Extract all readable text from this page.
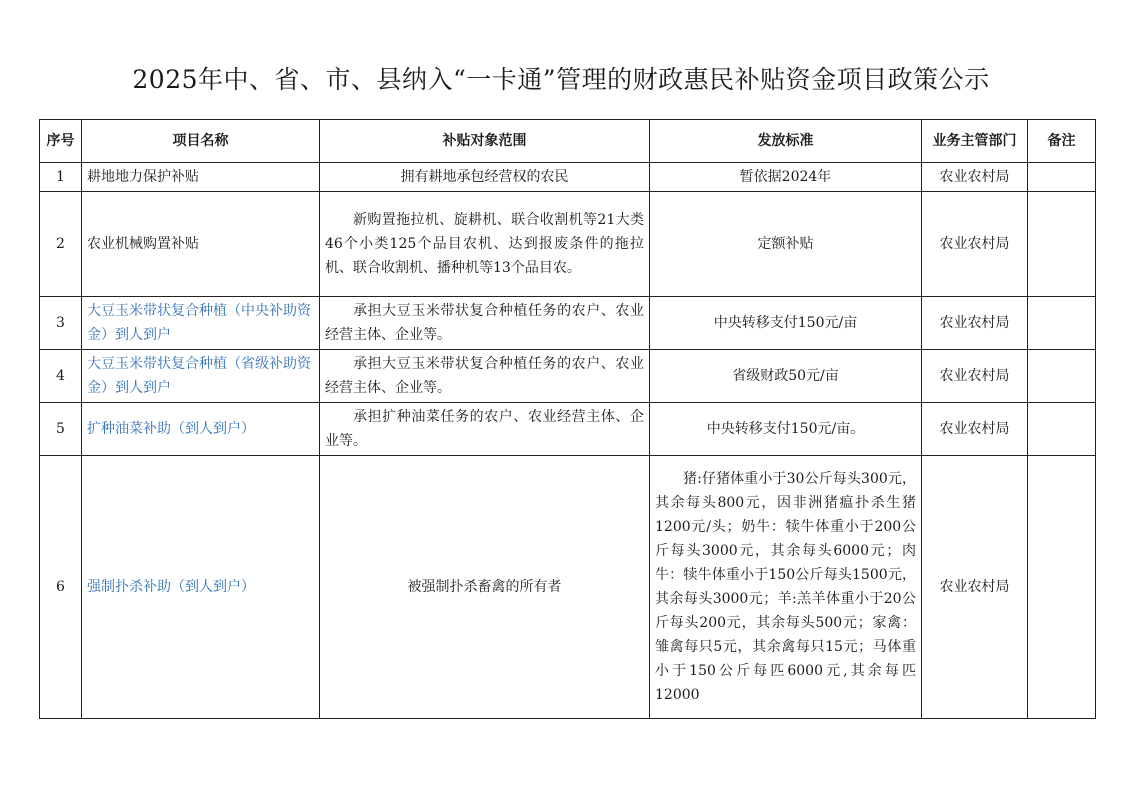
2025年中、省、市、县纳入“一卡通”管理的财政惠民补贴资金项目政策公示
序号	项目名称	补贴对象范围	发放标准	业务主管部门	备注
1	耕地地力保护补贴	拥有耕地承包经营权的农民	暂依据2024年	农业农村局	
2	农业机械购置补贴	新购置拖拉机、旋耕机、联合收割机等21大类46个小类125个品目农机、达到报废条件的拖拉机、联合收割机、播种机等13个品目农。	定额补贴	农业农村局	
3	大豆玉米带状复合种植（中央补助资金）到人到户	承担大豆玉米带状复合种植任务的农户、农业经营主体、企业等。	中央转移支付150元/亩	农业农村局	
4	大豆玉米带状复合种植（省级补助资金）到人到户	承担大豆玉米带状复合种植任务的农户、农业经营主体、企业等。	省级财政50元/亩	农业农村局	
5	扩种油菜补助（到人到户）	承担扩种油菜任务的农户、农业经营主体、企业等。	中央转移支付150元/亩。	农业农村局	
6	强制扑杀补助（到人到户）	被强制扑杀畜禽的所有者	猪:仔猪体重小于30公斤每头300元，其余每头800元，因非洲猪瘟扑杀生猪1200元/头；奶牛：犊牛体重小于200公斤每头3000元，其余每头6000元；肉牛：犊牛体重小于150公斤每头1500元，其余每头3000元；羊:羔羊体重小于20公斤每头200元，其余每头500元；家禽：雏禽每只5元，其余禽每只15元；马体重小于150公斤每匹6000元,其余每匹12000	农业农村局	
